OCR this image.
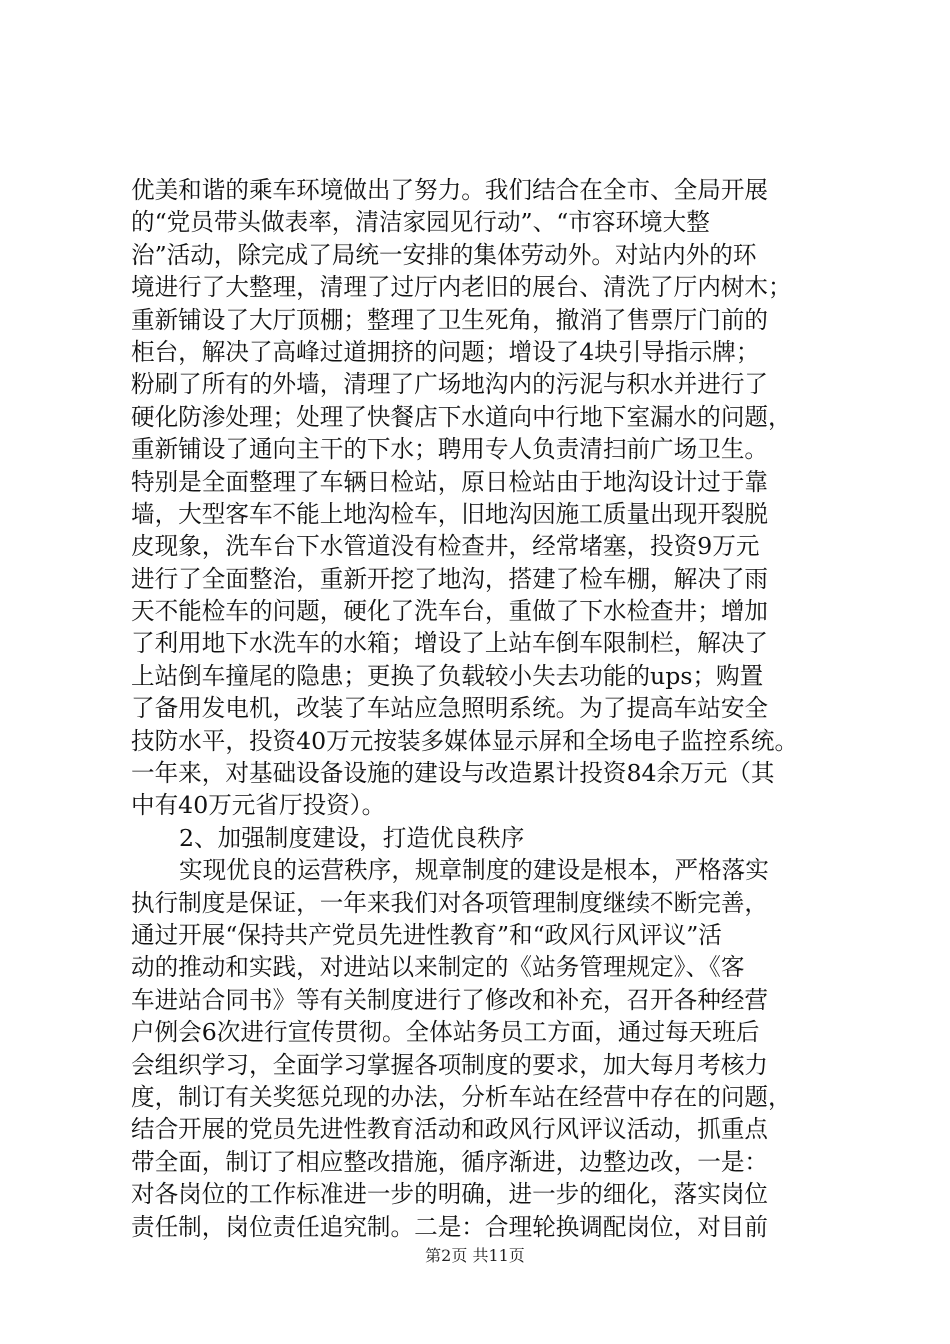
优美和谐的乘车环境做出了努力。我们结合在全市、全局开展
的“党员带头做表率，清洁家园见行动”、“市容环境大整
治”活动，除完成了局统一安排的集体劳动外。对站内外的环
境进行了大整理，清理了过厅内老旧的展台、清洗了厅内树木；
重新铺设了大厅顶棚；整理了卫生死角，撤消了售票厅门前的
柜台，解决了高峰过道拥挤的问题；增设了4块引导指示牌；
粉刷了所有的外墙，清理了广场地沟内的污泥与积水并进行了
硬化防渗处理；处理了快餐店下水道向中行地下室漏水的问题，
重新铺设了通向主干的下水；聘用专人负责清扫前广场卫生。
特别是全面整理了车辆日检站，原日检站由于地沟设计过于靠
墙，大型客车不能上地沟检车，旧地沟因施工质量出现开裂脱
皮现象，洗车台下水管道没有检查井，经常堵塞，投资9万元
进行了全面整治，重新开挖了地沟，搭建了检车棚，解决了雨
天不能检车的问题，硬化了洗车台，重做了下水检查井；增加
了利用地下水洗车的水箱；增设了上站车倒车限制栏，解决了
上站倒车撞尾的隐患；更换了负载较小失去功能的ups；购置
了备用发电机，改装了车站应急照明系统。为了提高车站安全
技防水平，投资40万元按装多媒体显示屏和全场电子监控系统。
一年来，对基础设备设施的建设与改造累计投资84余万元（其
中有40万元省厅投资）。
2、加强制度建设，打造优良秩序
实现优良的运营秩序，规章制度的建设是根本，严格落实
执行制度是保证，一年来我们对各项管理制度继续不断完善，
通过开展“保持共产党员先进性教育”和“政风行风评议”活
动的推动和实践，对进站以来制定的《站务管理规定》、《客
车进站合同书》等有关制度进行了修改和补充，召开各种经营
户例会6次进行宣传贯彻。全体站务员工方面，通过每天班后
会组织学习，全面学习掌握各项制度的要求，加大每月考核力
度，制订有关奖惩兑现的办法，分析车站在经营中存在的问题，
结合开展的党员先进性教育活动和政风行风评议活动，抓重点
带全面，制订了相应整改措施，循序渐进，边整边改，一是：
对各岗位的工作标准进一步的明确，进一步的细化，落实岗位
责任制，岗位责任追究制。二是：合理轮换调配岗位，对目前
第2页 共11页
